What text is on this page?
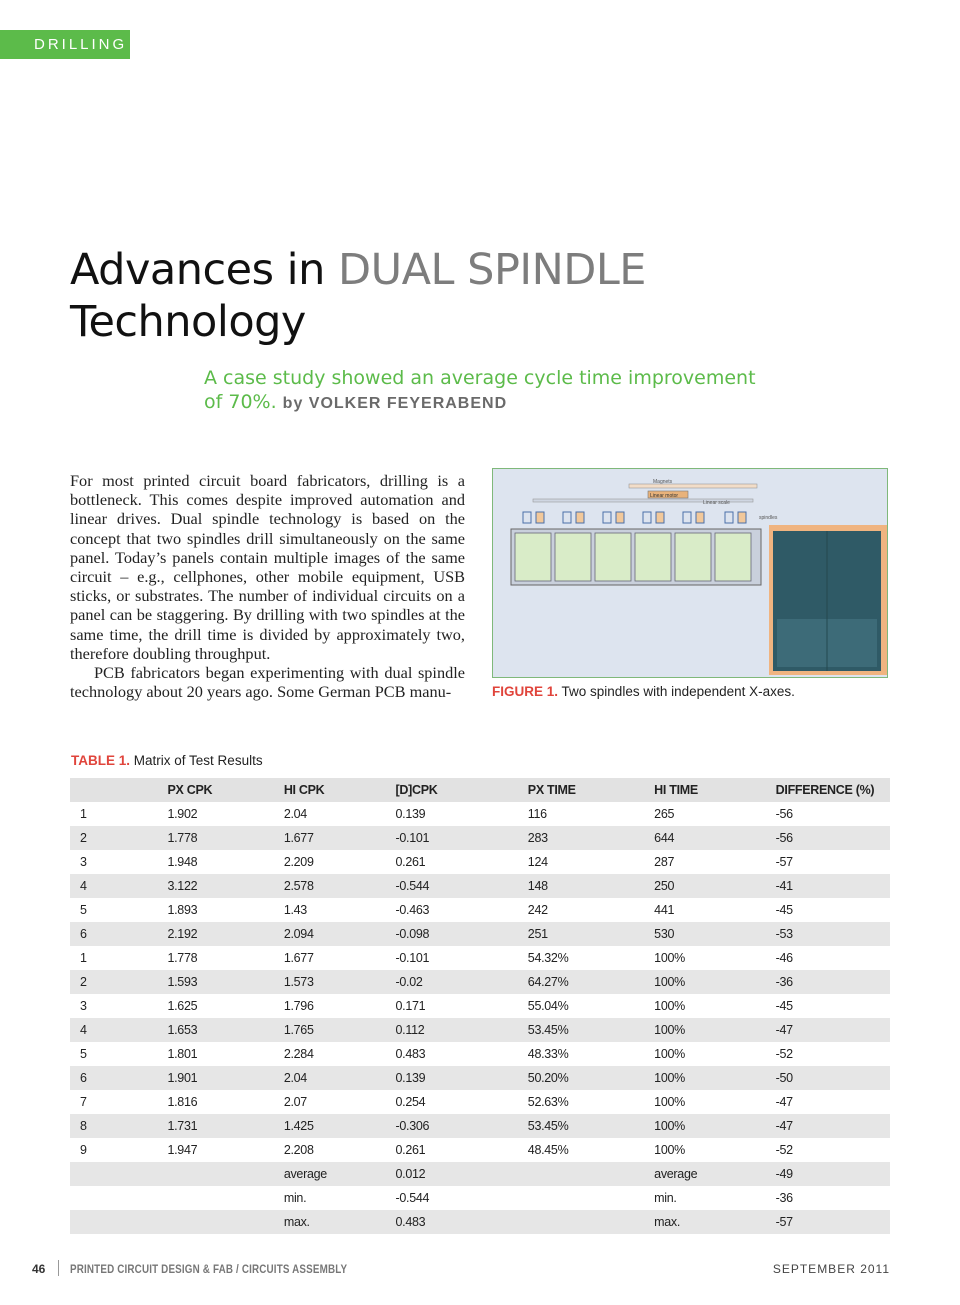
DRILLING
Advances in DUAL SPINDLE
Technology
A case study showed an average cycle time improvement of 70%. by VOLKER FEYERABEND

For most printed circuit board fabricators, drilling is a bottleneck. This comes despite improved automation and linear drives. Dual spindle technology is based on the concept that two spindles drill simultaneously on the same panel. Today’s panels contain multiple images of the same circuit – e.g., cellphones, other mobile equipment, USB sticks, or substrates. The number of individual circuits on a panel can be staggering. By drilling with two spindles at the same time, the drill time is divided by approximately two, therefore doubling throughput.

PCB fabricators began experimenting with dual spindle technology about 20 years ago. Some German PCB manu-

Magnets
Linear motor
Linear scale
spindles
FIGURE 1. Two spindles with independent X-axes.
TABLE 1. Matrix of Test Results
	PX CPK	HI CPK	[D]CPK	PX TIME	HI TIME	DIFFERENCE (%)
1	1.902	2.04	0.139	116	265	-56
2	1.778	1.677	-0.101	283	644	-56
3	1.948	2.209	0.261	124	287	-57
4	3.122	2.578	-0.544	148	250	-41
5	1.893	1.43	-0.463	242	441	-45
6	2.192	2.094	-0.098	251	530	-53
1	1.778	1.677	-0.101	54.32%	100%	-46
2	1.593	1.573	-0.02	64.27%	100%	-36
3	1.625	1.796	0.171	55.04%	100%	-45
4	1.653	1.765	0.112	53.45%	100%	-47
5	1.801	2.284	0.483	48.33%	100%	-52
6	1.901	2.04	0.139	50.20%	100%	-50
7	1.816	2.07	0.254	52.63%	100%	-47
8	1.731	1.425	-0.306	53.45%	100%	-47
9	1.947	2.208	0.261	48.45%	100%	-52
		average	0.012		average	-49
		min.	-0.544		min.	-36
		max.	0.483		max.	-57
46 PRINTED CIRCUIT DESIGN & FAB / CIRCUITS ASSEMBLY	SEPTEMBER 2011
